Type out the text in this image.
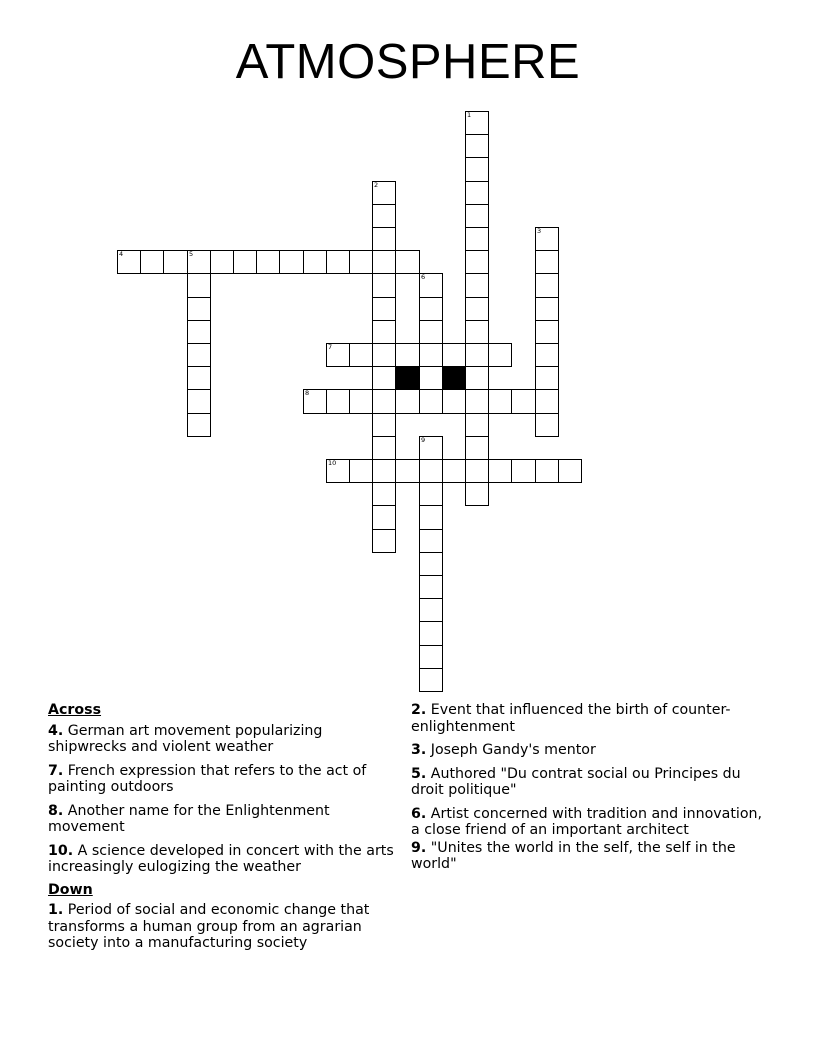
ATMOSPHERE
1
2
3
4	5
6
7
8
9
10
Across
4. German art movement popularizing shipwrecks and violent weather
7. French expression that refers to the act of painting outdoors
8. Another name for the Enlightenment movement
10. A science developed in concert with the arts increasingly eulogizing the weather
Down
1. Period of social and economic change that transforms a human group from an agrarian society into a manufacturing society
2. Event that influenced the birth of counter-enlightenment
3. Joseph Gandy's mentor
5. Authored "Du contrat social ou Principes du droit politique"
6. Artist concerned with tradition and innovation, a close friend of an important architect
9. "Unites the world in the self, the self in the world"
